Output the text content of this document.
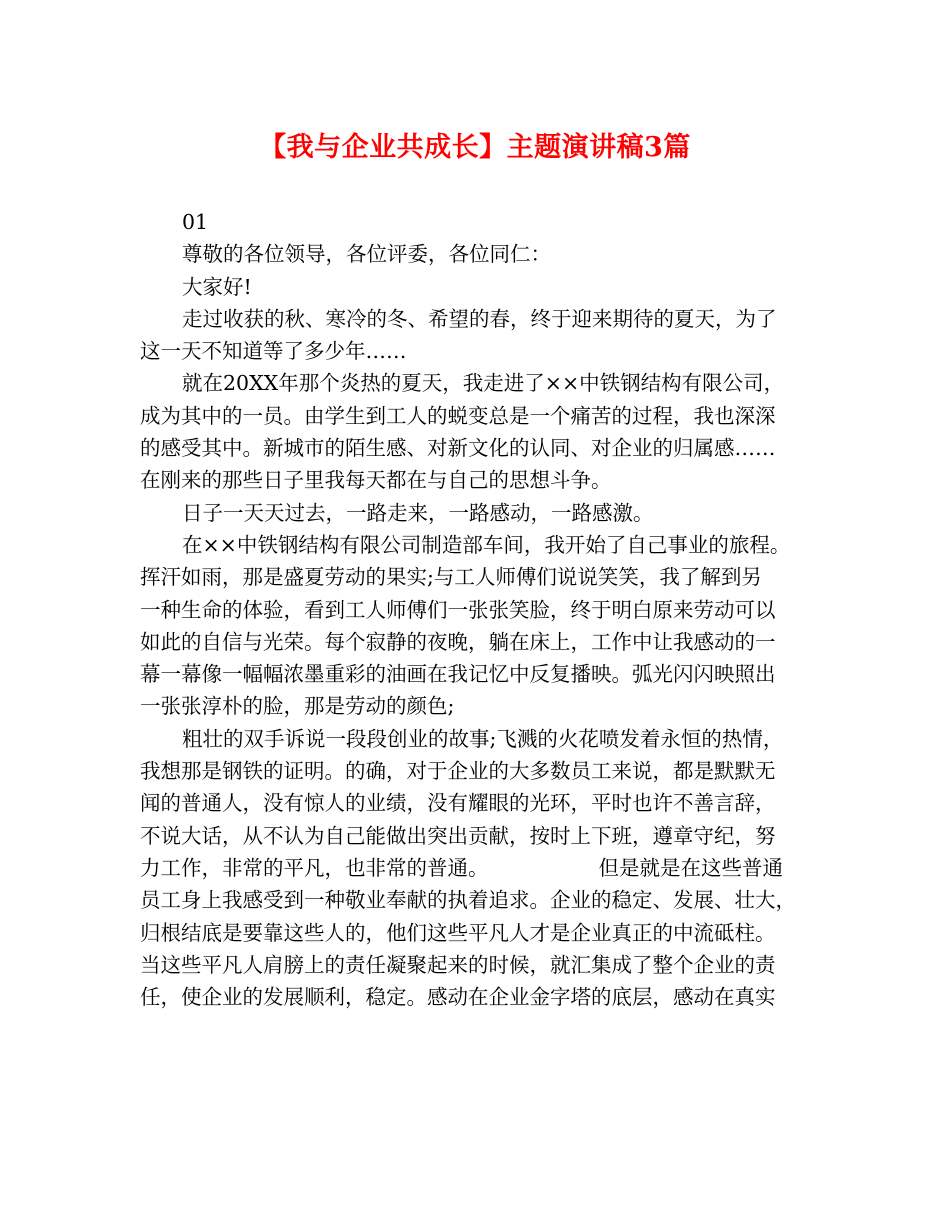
【我与企业共成长】主题演讲稿3篇
01
尊敬的各位领导，各位评委，各位同仁：
大家好!
走过收获的秋、寒冷的冬、希望的春，终于迎来期待的夏天，为了
这一天不知道等了多少年……
就在20XX年那个炎热的夏天，我走进了××中铁钢结构有限公司，
成为其中的一员。由学生到工人的蜕变总是一个痛苦的过程，我也深深
的感受其中。新城市的陌生感、对新文化的认同、对企业的归属感……
在刚来的那些日子里我每天都在与自己的思想斗争。
日子一天天过去，一路走来，一路感动，一路感激。
在××中铁钢结构有限公司制造部车间，我开始了自己事业的旅程。
挥汗如雨，那是盛夏劳动的果实;与工人师傅们说说笑笑，我了解到另
一种生命的体验，看到工人师傅们一张张笑脸，终于明白原来劳动可以
如此的自信与光荣。每个寂静的夜晚，躺在床上，工作中让我感动的一
幕一幕像一幅幅浓墨重彩的油画在我记忆中反复播映。弧光闪闪映照出
一张张淳朴的脸，那是劳动的颜色;
粗壮的双手诉说一段段创业的故事;飞溅的火花喷发着永恒的热情，
我想那是钢铁的证明。的确，对于企业的大多数员工来说，都是默默无
闻的普通人，没有惊人的业绩，没有耀眼的光环，平时也许不善言辞，
不说大话，从不认为自己能做出突出贡献，按时上下班，遵章守纪，努
力工作，非常的平凡，也非常的普通。	但是就是在这些普通
员工身上我感受到一种敬业奉献的执着追求。企业的稳定、发展、壮大，
归根结底是要靠这些人的，他们这些平凡人才是企业真正的中流砥柱。
当这些平凡人肩膀上的责任凝聚起来的时候，就汇集成了整个企业的责
任，使企业的发展顺利，稳定。感动在企业金字塔的底层，感动在真实
